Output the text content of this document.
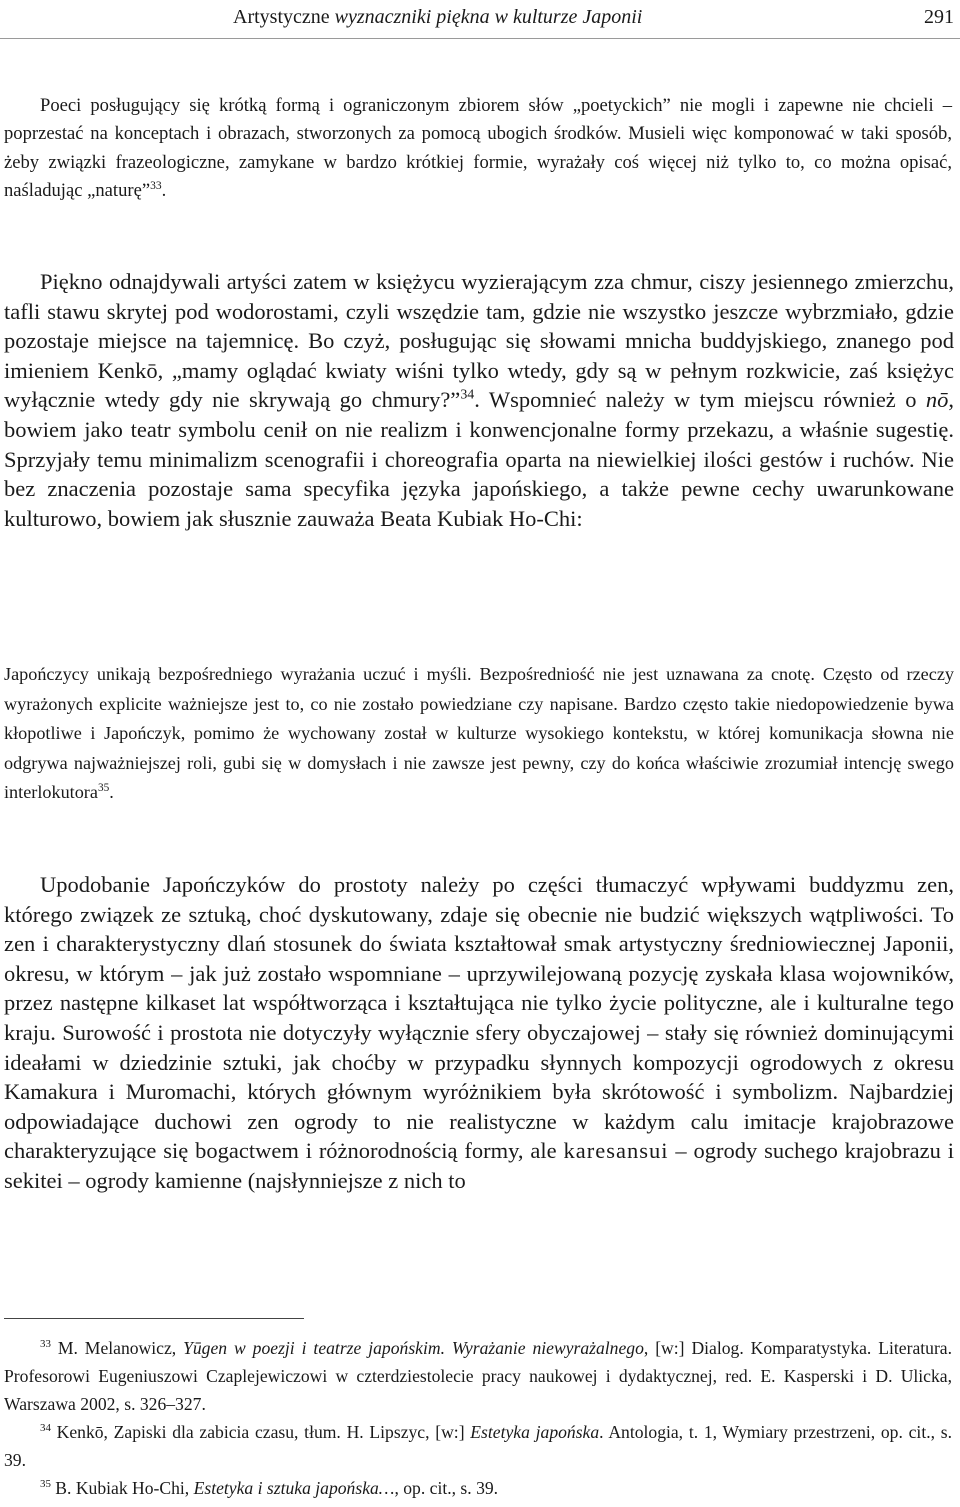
Artystyczne wyznaczniki piękna w kulturze Japonii	291

Poeci posługujący się krótką formą i ograniczonym zbiorem słów „poetyckich” nie mogli i zapewne nie chcieli – poprzestać na konceptach i obrazach, stworzonych za pomocą ubogich środków. Musieli więc komponować w taki sposób, żeby związki frazeologiczne, zamykane w bardzo krótkiej formie, wyrażały coś więcej niż tylko to, co można opisać, naśladując „naturę”$^{33}$.

Piękno odnajdywali artyści zatem w księżycu wyzierającym zza chmur, ciszy jesiennego zmierzchu, tafli stawu skrytej pod wodorostami, czyli wszędzie tam, gdzie nie wszystko jeszcze wybrzmiało, gdzie pozostaje miejsce na tajemnicę. Bo czyż, posługując się słowami mnicha buddyjskiego, znanego pod imieniem Kenkō, „mamy oglądać kwiaty wiśni tylko wtedy, gdy są w pełnym rozkwicie, zaś księżyc wyłącznie wtedy gdy nie skrywają go chmury?”$^{34}$. Wspomnieć należy w tym miejscu również o nō, bowiem jako teatr symbolu cenił on nie realizm i konwencjonalne formy przekazu, a właśnie sugestię. Sprzyjały temu minimalizm scenografii i choreografia oparta na niewielkiej ilości gestów i ruchów. Nie bez znaczenia pozostaje sama specyfika języka japońskiego, a także pewne cechy uwarunkowane kulturowo, bowiem jak słusznie zauważa Beata Kubiak Ho-Chi:

Japończycy unikają bezpośredniego wyrażania uczuć i myśli. Bezpośredniość nie jest uznawana za cnotę. Często od rzeczy wyrażonych explicite ważniejsze jest to, co nie zostało powiedziane czy napisane. Bardzo często takie niedopowiedzenie bywa kłopotliwe i Japończyk, pomimo że wychowany został w kulturze wysokiego kontekstu, w której komunikacja słowna nie odgrywa najważniejszej roli, gubi się w domysłach i nie zawsze jest pewny, czy do końca właściwie zrozumiał intencję swego interlokutora$^{35}$.

Upodobanie Japończyków do prostoty należy po części tłumaczyć wpływami buddyzmu zen, którego związek ze sztuką, choć dyskutowany, zdaje się obecnie nie budzić większych wątpliwości. To zen i charakterystyczny dlań stosunek do świata kształtował smak artystyczny średniowiecznej Japonii, okresu, w którym – jak już zostało wspomniane – uprzywilejowaną pozycję zyskała klasa wojowników, przez następne kilkaset lat współtworząca i kształtująca nie tylko życie polityczne, ale i kulturalne tego kraju. Surowość i prostota nie dotyczyły wyłącznie sfery obyczajowej – stały się również dominującymi ideałami w dziedzinie sztuki, jak choćby w przypadku słynnych kompozycji ogrodowych z okresu Kamakura i Muromachi, których głównym wyróżnikiem była skrótowość i symbolizm. Najbardziej odpowiadające duchowi zen ogrody to nie realistyczne w każdym calu imitacje krajobrazowe charakteryzujące się bogactwem i różnorodnością formy, ale karesansui – ogrody suchego krajobrazu i sekitei – ogrody kamienne (najsłynniejsze z nich to

$^{33}$ M. Melanowicz, Yūgen w poezji i teatrze japońskim. Wyrażanie niewyrażalnego, [w:] Dialog. Komparatystyka. Literatura. Profesorowi Eugeniuszowi Czaplejewiczowi w czterdziestolecie pracy naukowej i dydaktycznej, red. E. Kasperski i D. Ulicka, Warszawa 2002, s. 326–327.

$^{34}$ Kenkō, Zapiski dla zabicia czasu, tłum. H. Lipszyc, [w:] Estetyka japońska. Antologia, t. 1, Wymiary przestrzeni, op. cit., s. 39.

$^{35}$ B. Kubiak Ho-Chi, Estetyka i sztuka japońska…, op. cit., s. 39.
